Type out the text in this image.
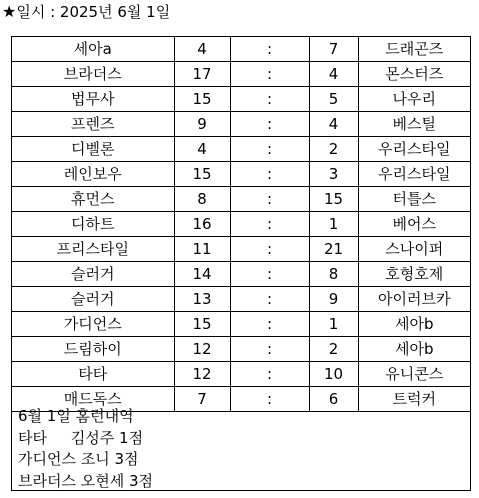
★일시 : 2025년 6월 1일
세아a	4	:	7	드래곤즈
브라더스	17	:	4	몬스터즈
법무사	15	:	5	나우리
프렌즈	9	:	4	베스틸
디벨론	4	:	2	우리스타일
레인보우	15	:	3	우리스타일
휴먼스	8	:	15	터틀스
디하트	16	:	1	베어스
프리스타일	11	:	21	스나이퍼
슬러거	14	:	8	호형호제
슬러거	13	:	9	아이러브카
가디언스	15	:	1	세아b
드림하이	12	:	2	세아b
타타	12	:	10	유니콘스
매드독스	7	:	6	트럭커
6월 1일 홈런내역
타타     김성주 1점
가디언스 조니 3점
브라더스 오현세 3점
